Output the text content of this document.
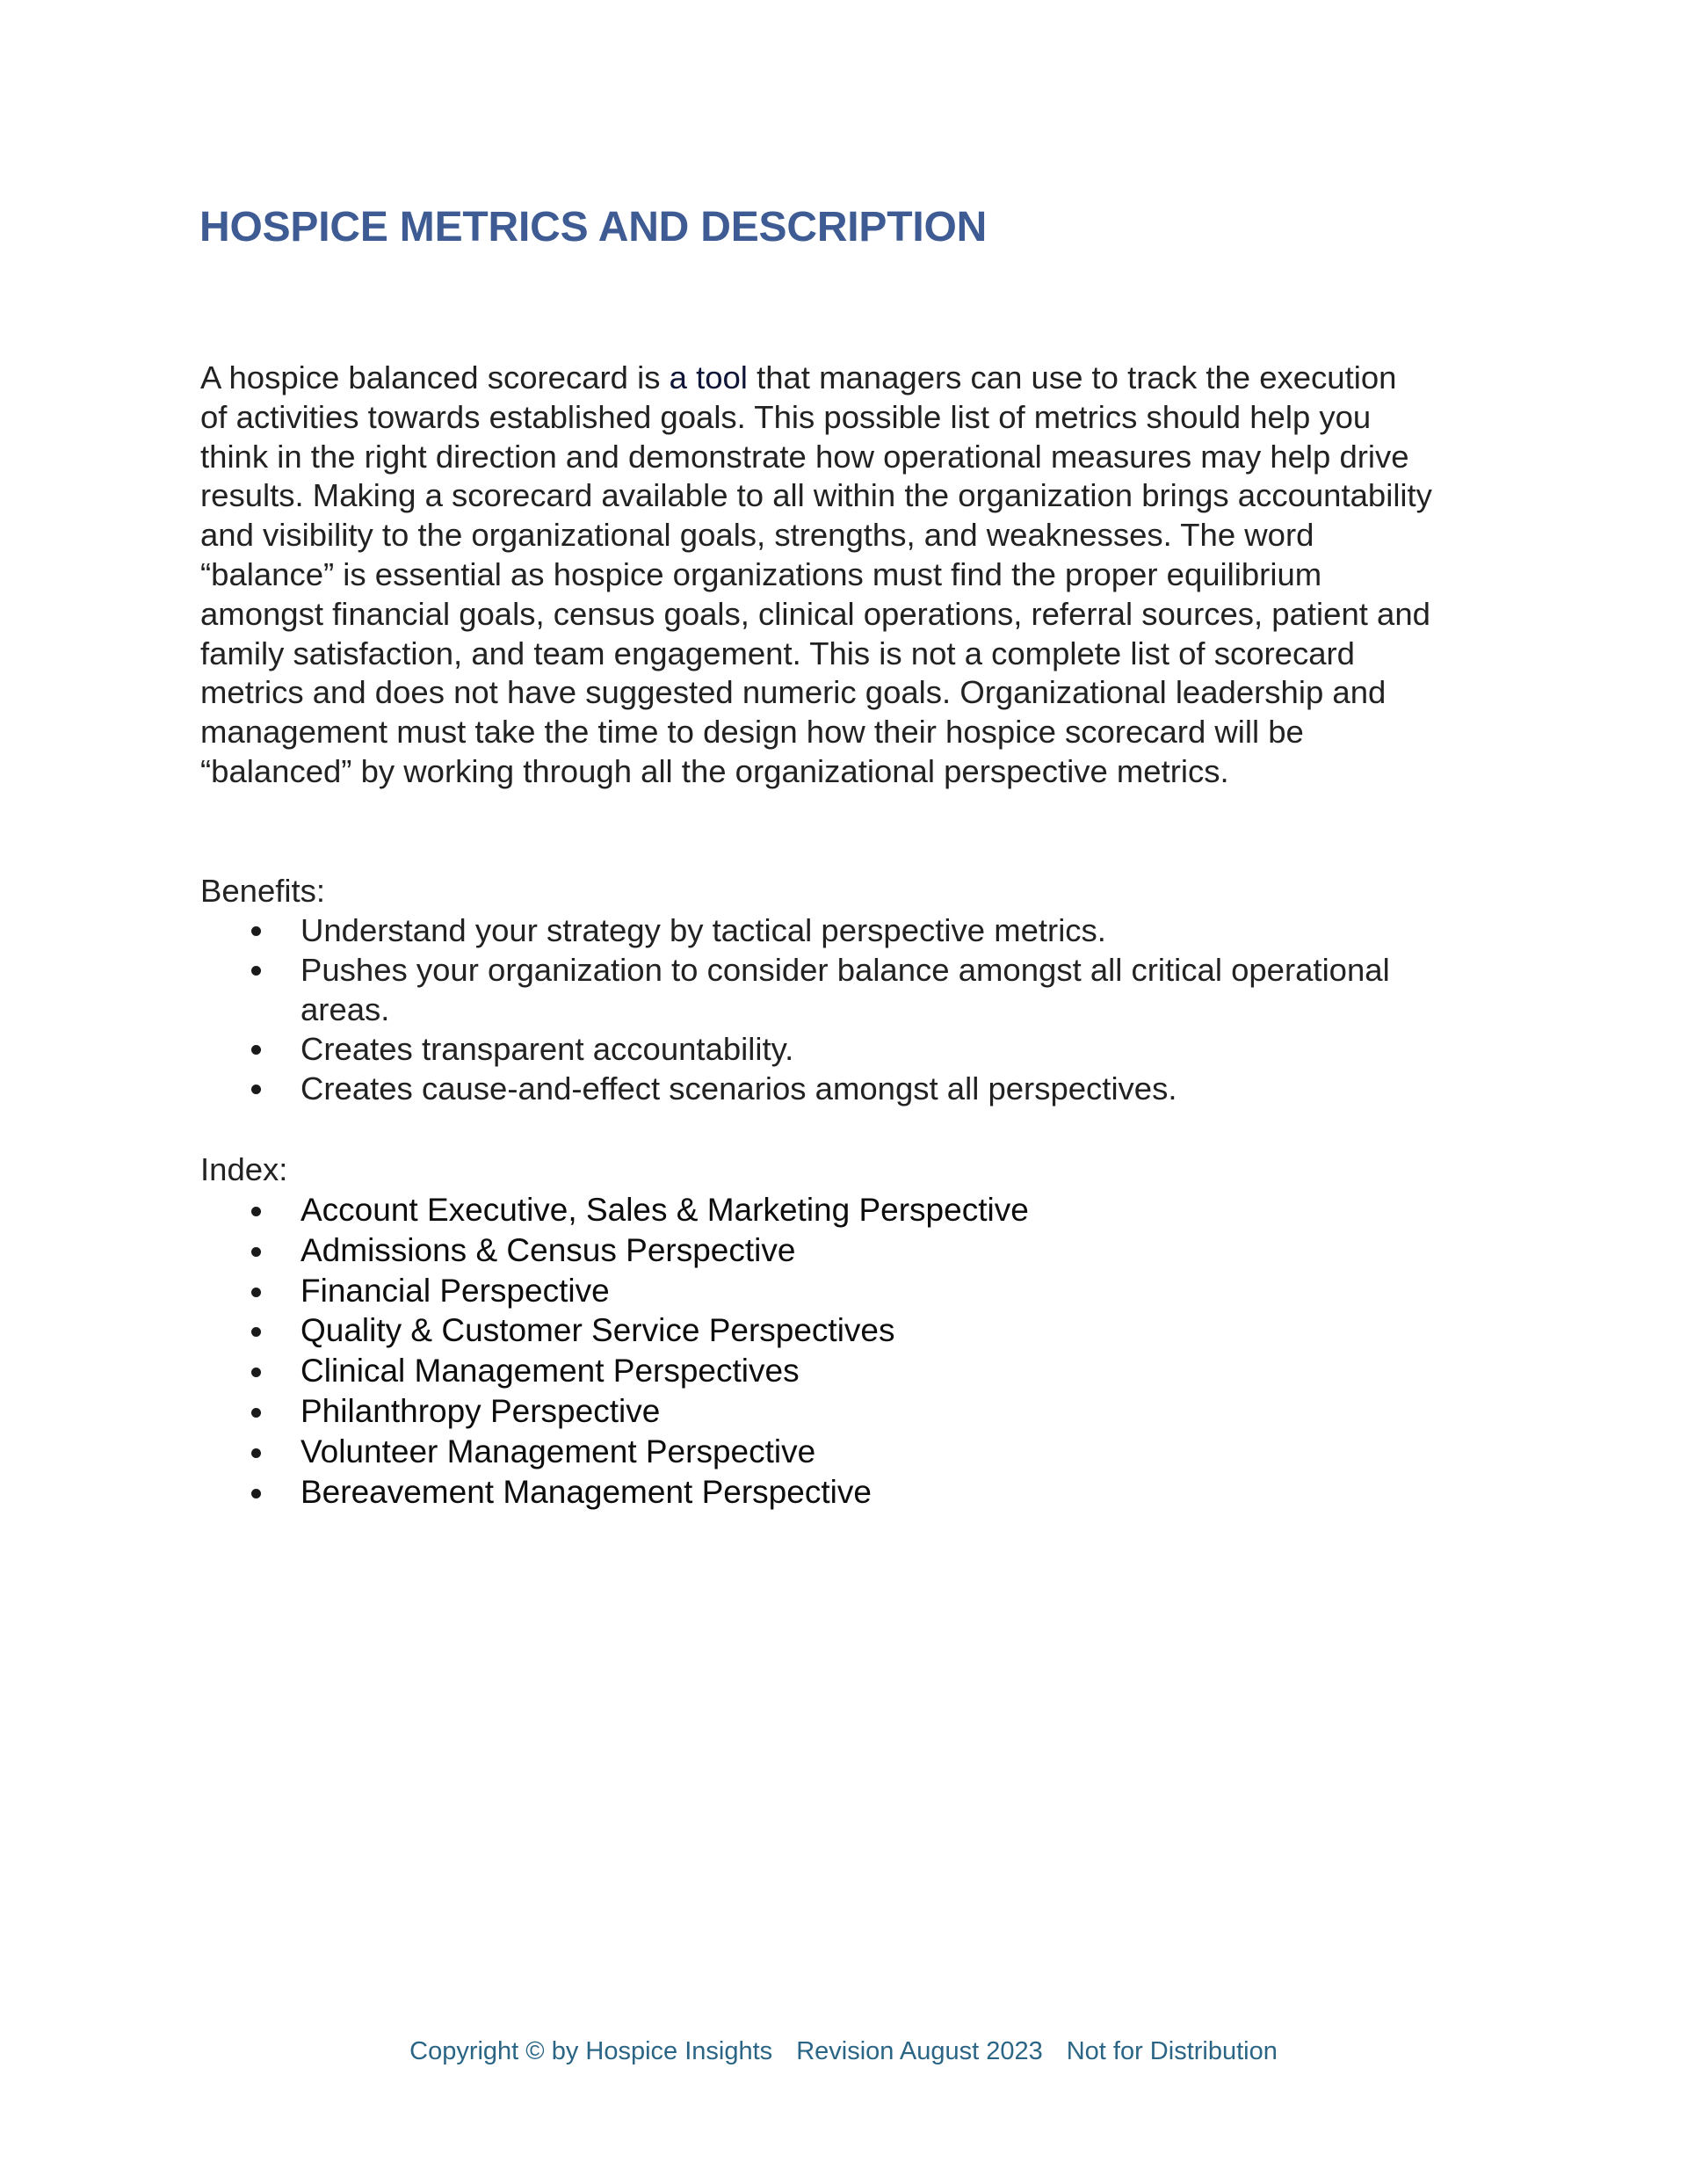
HOSPICE METRICS AND DESCRIPTION

A hospice balanced scorecard is a tool that managers can use to track the execution
of activities towards established goals. This possible list of metrics should help you
think in the right direction and demonstrate how operational measures may help drive
results. Making a scorecard available to all within the organization brings accountability
and visibility to the organizational goals, strengths, and weaknesses. The word
“balance” is essential as hospice organizations must find the proper equilibrium
amongst financial goals, census goals, clinical operations, referral sources, patient and
family satisfaction, and team engagement. This is not a complete list of scorecard
metrics and does not have suggested numeric goals. Organizational leadership and
management must take the time to design how their hospice scorecard will be
“balanced” by working through all the organizational perspective metrics.

Benefits:

Understand your strategy by tactical perspective metrics.
Pushes your organization to consider balance amongst all critical operational
areas.
Creates transparent accountability.
Creates cause-and-effect scenarios amongst all perspectives.

Index:

Account Executive, Sales & Marketing Perspective
Admissions & Census Perspective
Financial Perspective
Quality & Customer Service Perspectives
Clinical Management Perspectives
Philanthropy Perspective
Volunteer Management Perspective
Bereavement Management Perspective
Copyright © by Hospice Insights Revision August 2023 Not for Distribution
